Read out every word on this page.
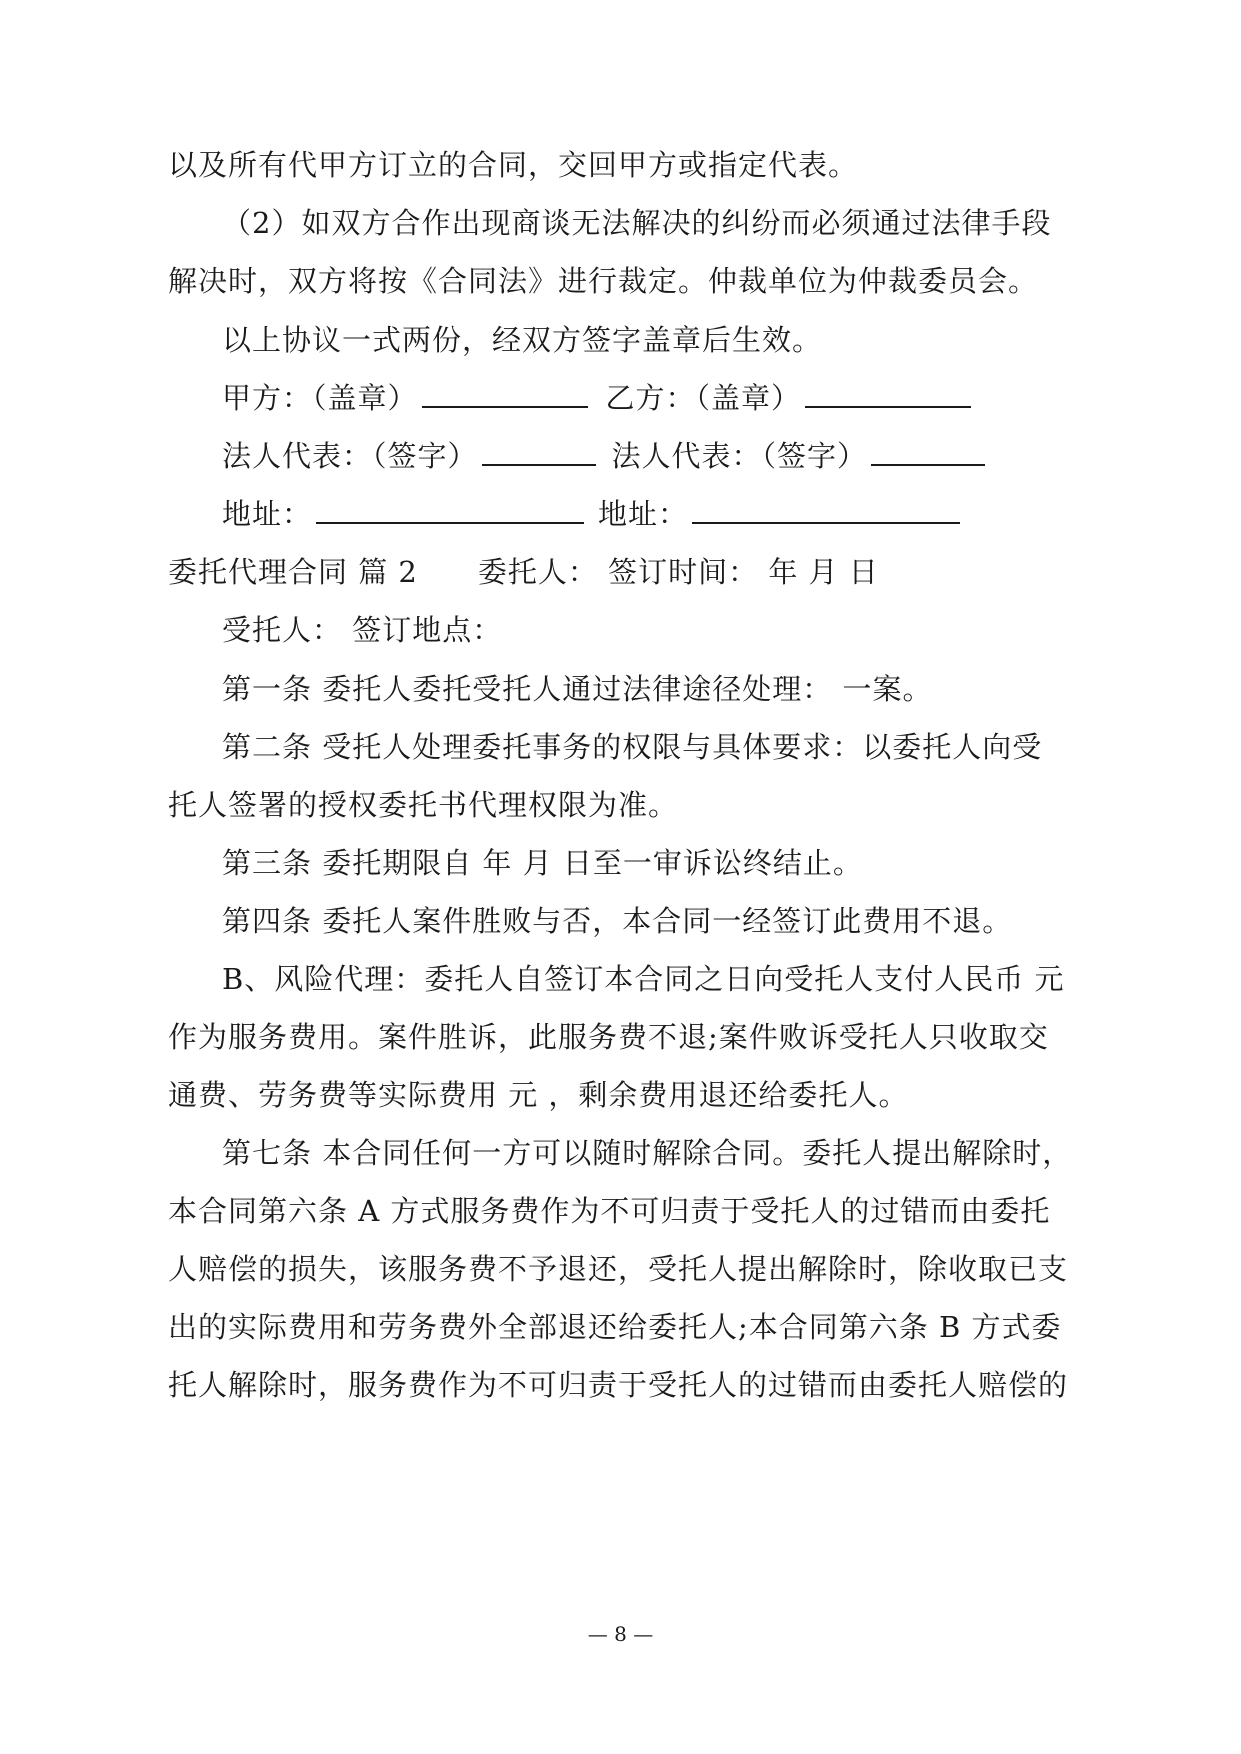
以及所有代甲方订立的合同，交回甲方或指定代表。
（2）如双方合作出现商谈无法解决的纠纷而必须通过法律手段
解决时，双方将按《合同法》进行裁定。仲裁单位为仲裁委员会。
以上协议一式两份，经双方签字盖章后生效。
甲方：（盖章）	乙方：（盖章）
法人代表：（签字）	法人代表：（签字）
地址：	地址：
委托代理合同 篇 2 委托人： 签订时间： 年 月 日
受托人： 签订地点：
第一条 委托人委托受托人通过法律途径处理： 一案。
第二条 受托人处理委托事务的权限与具体要求：以委托人向受
托人签署的授权委托书代理权限为准。
第三条 委托期限自 年 月 日至一审诉讼终结止。
第四条 委托人案件胜败与否，本合同一经签订此费用不退。
B、风险代理：委托人自签订本合同之日向受托人支付人民币 元
作为服务费用。案件胜诉，此服务费不退;案件败诉受托人只收取交
通费、劳务费等实际费用 元 ，剩余费用退还给委托人。
第七条 本合同任何一方可以随时解除合同。委托人提出解除时，
本合同第六条 A 方式服务费作为不可归责于受托人的过错而由委托
人赔偿的损失，该服务费不予退还，受托人提出解除时，除收取已支
出的实际费用和劳务费外全部退还给委托人;本合同第六条 B 方式委
托人解除时，服务费作为不可归责于受托人的过错而由委托人赔偿的
— 8 —
